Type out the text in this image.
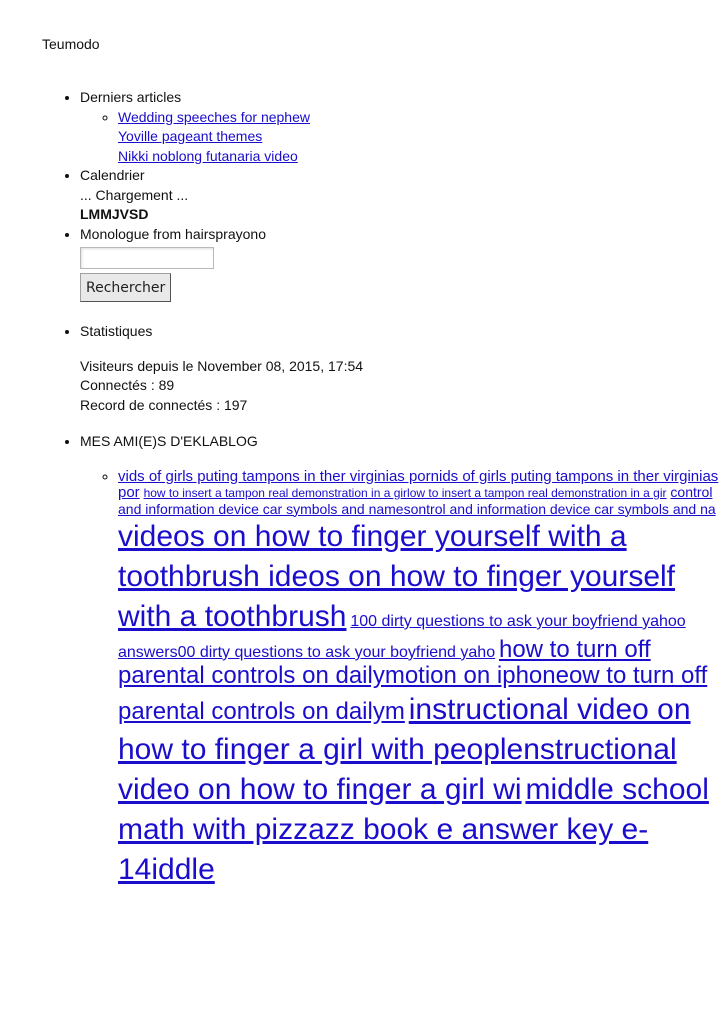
Teumodo
• Derniers articles
◦ Wedding speeches for nephew
Yoville pageant themes
Nikki noblong futanaria video
• Calendrier
... Chargement ...
LMMJVSD
• Monologue from hairsprayono
Rechercher
• Statistiques
Visiteurs depuis le November 08, 2015, 17:54
Connectés : 89
Record de connectés : 197
• MES AMI(E)S D'EKLABLOG
◦ vids of girls puting tampons in ther virginias pornids of girls puting tampons in ther virginias por how to insert a tampon real demonstration in a girlow to insert a tampon real demonstration in a gir control and information device car symbols and namesontrol and information device car symbols and na videos on how to finger yourself with a toothbrush ideos on how to finger yourself with a toothbrush 100 dirty questions to ask your boyfriend yahoo answers00 dirty questions to ask your boyfriend yaho how to turn off parental controls on dailymotion on iphoneow to turn off parental controls on dailym instructional video on how to finger a girl with peoplenstructional video on how to finger a girl wi middle school math with pizzazz book e answer key e-14iddle
